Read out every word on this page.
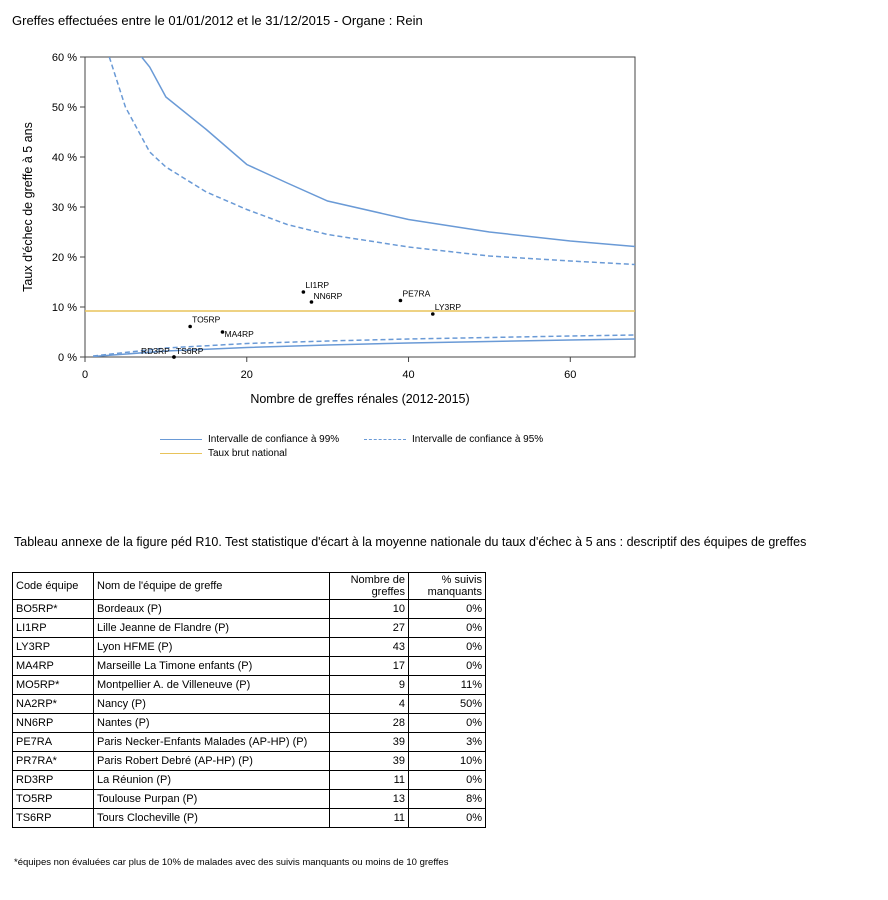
Greffes effectuées entre le 01/01/2012 et le 31/12/2015 - Organe : Rein
0 %
10 %
20 %
30 %
40 %
50 %
60 %
0	20	40	60
Nombre de greffes rénales (2012-2015)
Taux d'échec de greffe à 5 ans	LI1RP
NN6RP	PE7RA
LY3RP
TO5RP
MA4RP
RD3RP TS6RP
Intervalle de confiance à 99%	Intervalle de confiance à 95%
Taux brut national
Tableau annexe de la figure péd R10. Test statistique d'écart à la moyenne nationale du taux d'échec à 5 ans : descriptif des équipes de greffes
Code équipe	Nom de l'équipe de greffe	Nombre de
greffes	% suivis
manquants
BO5RP*	Bordeaux (P)	10	0%
LI1RP	Lille Jeanne de Flandre (P)	27	0%
LY3RP	Lyon HFME (P)	43	0%
MA4RP	Marseille La Timone enfants (P)	17	0%
MO5RP*	Montpellier A. de Villeneuve (P)	9	11%
NA2RP*	Nancy (P)	4	50%
NN6RP	Nantes (P)	28	0%
PE7RA	Paris Necker-Enfants Malades (AP-HP) (P)	39	3%
PR7RA*	Paris Robert Debré (AP-HP) (P)	39	10%
RD3RP	La Réunion (P)	11	0%
TO5RP	Toulouse Purpan (P)	13	8%
TS6RP	Tours Clocheville (P)	11	0%
*équipes non évaluées car plus de 10% de malades avec des suivis manquants ou moins de 10 greffes
